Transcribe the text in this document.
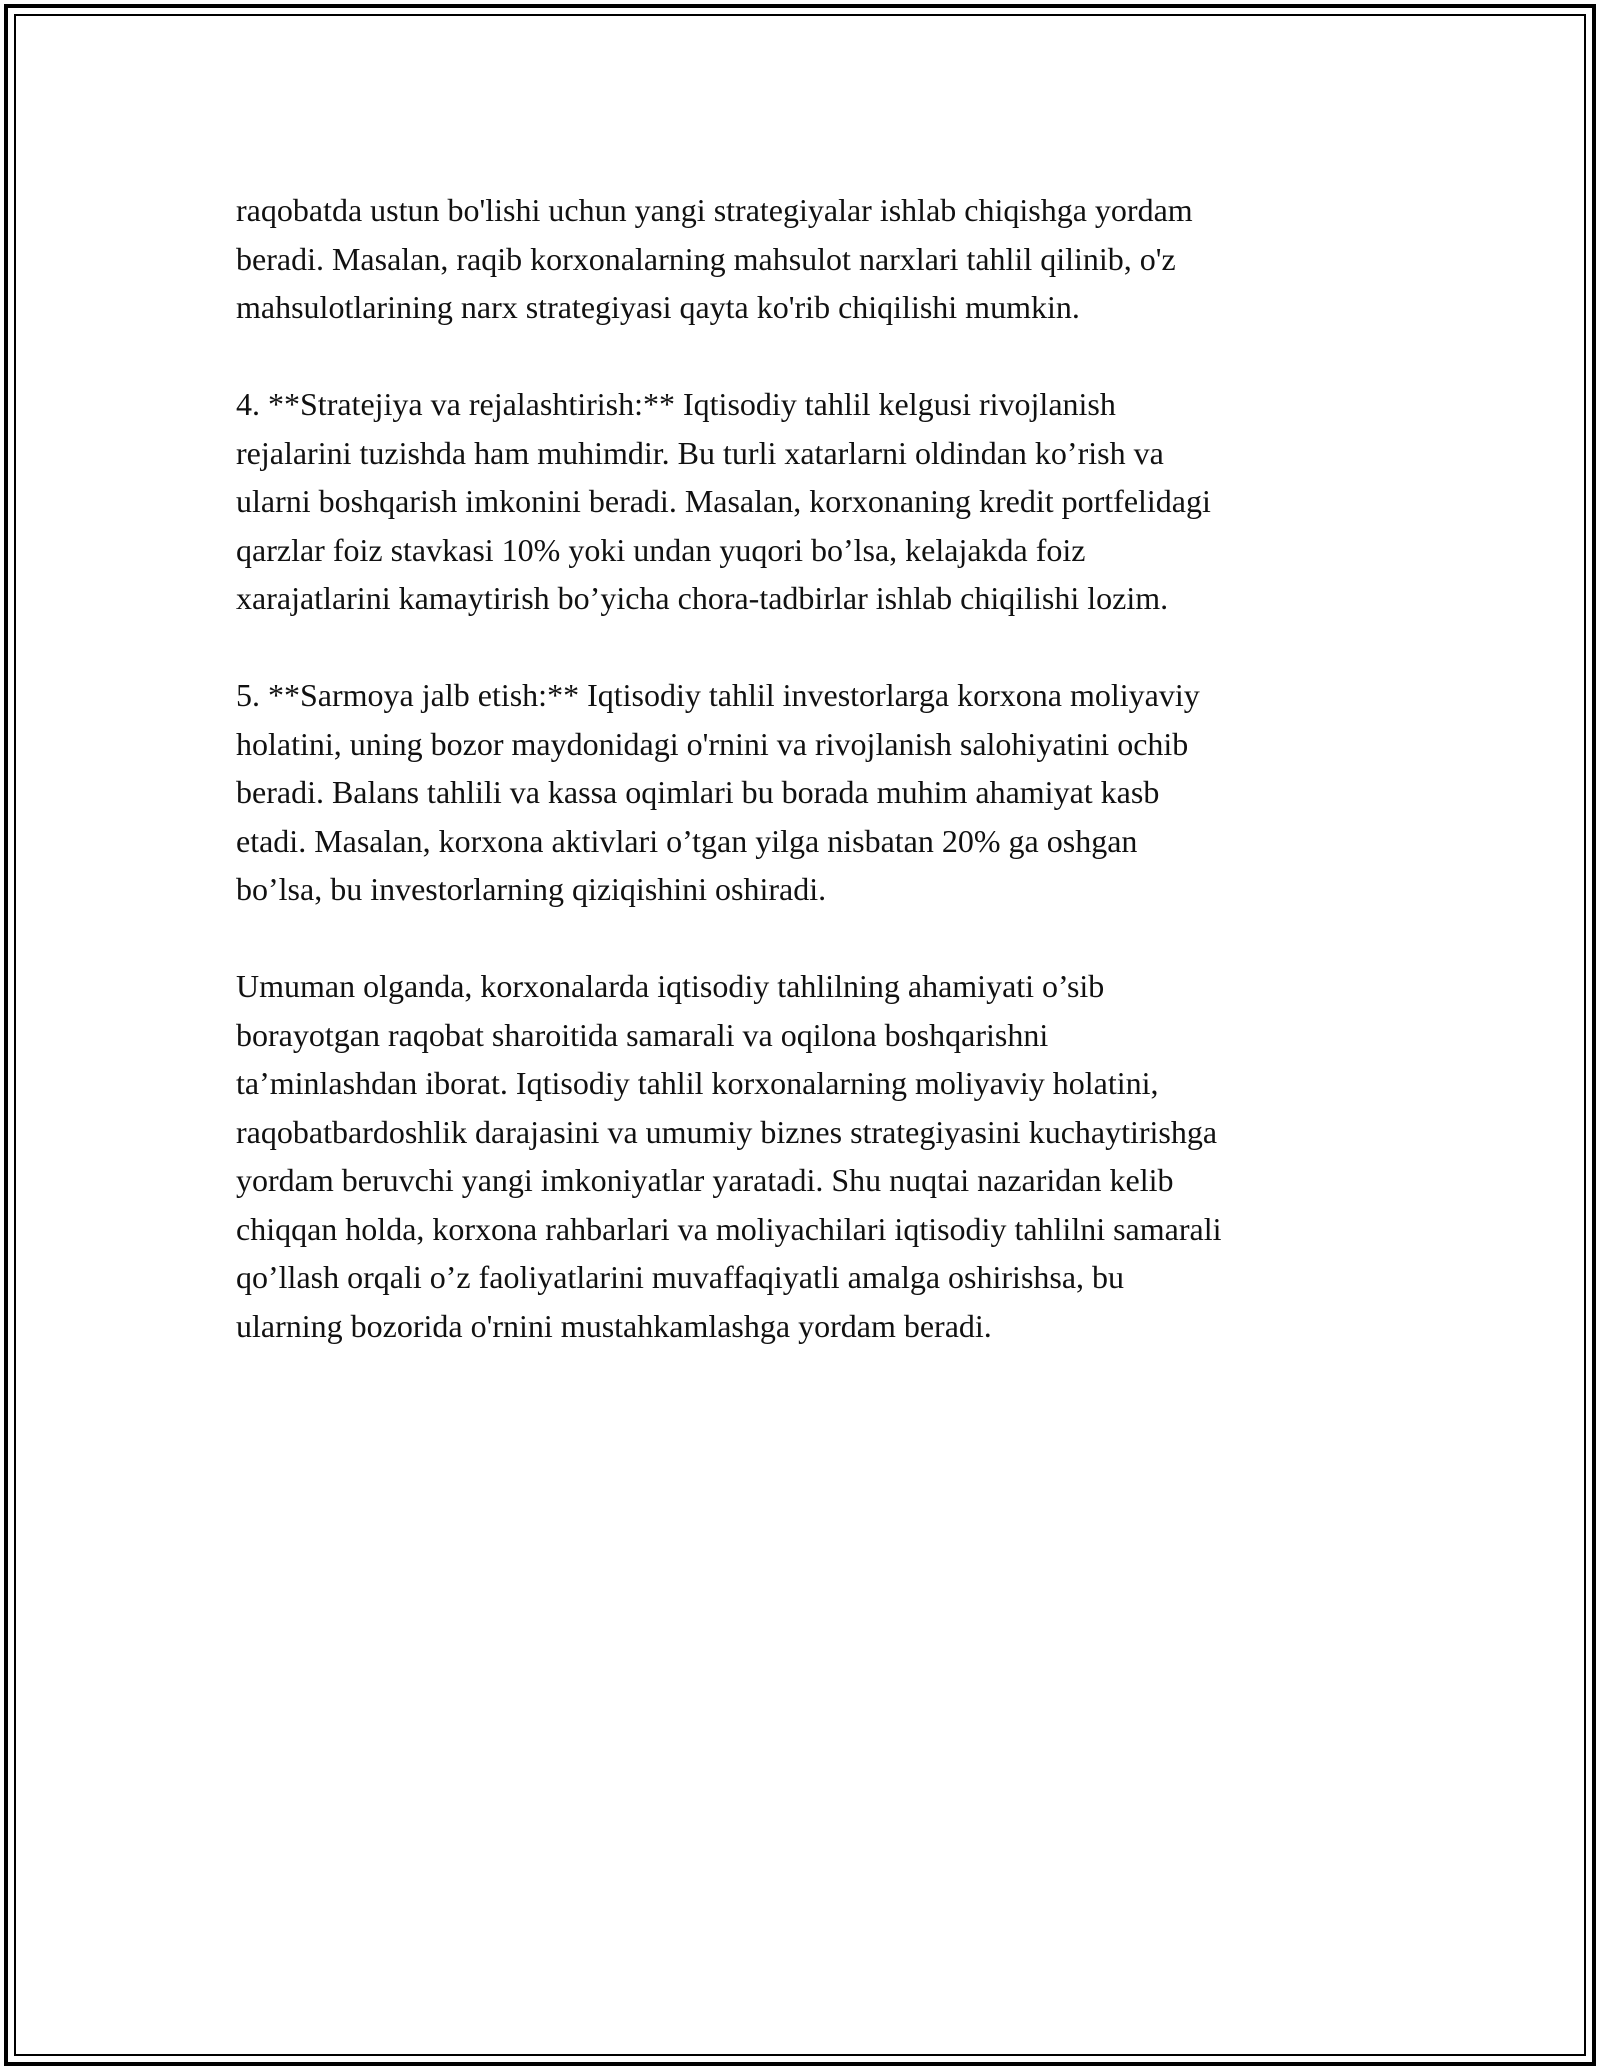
raqobatda ustun bo'lishi uchun yangi strategiyalar ishlab chiqishga yordam
beradi. Masalan, raqib korxonalarning mahsulot narxlari tahlil qilinib, o'z
mahsulotlarining narx strategiyasi qayta ko'rib chiqilishi mumkin.

4. **Stratejiya va rejalashtirish:** Iqtisodiy tahlil kelgusi rivojlanish
rejalarini tuzishda ham muhimdir. Bu turli xatarlarni oldindan ko’rish va
ularni boshqarish imkonini beradi. Masalan, korxonaning kredit portfelidagi
qarzlar foiz stavkasi 10% yoki undan yuqori bo’lsa, kelajakda foiz
xarajatlarini kamaytirish bo’yicha chora-tadbirlar ishlab chiqilishi lozim.

5. **Sarmoya jalb etish:** Iqtisodiy tahlil investorlarga korxona moliyaviy
holatini, uning bozor maydonidagi o'rnini va rivojlanish salohiyatini ochib
beradi. Balans tahlili va kassa oqimlari bu borada muhim ahamiyat kasb
etadi. Masalan, korxona aktivlari o’tgan yilga nisbatan 20% ga oshgan
bo’lsa, bu investorlarning qiziqishini oshiradi.

Umuman olganda, korxonalarda iqtisodiy tahlilning ahamiyati o’sib
borayotgan raqobat sharoitida samarali va oqilona boshqarishni
ta’minlashdan iborat. Iqtisodiy tahlil korxonalarning moliyaviy holatini,
raqobatbardoshlik darajasini va umumiy biznes strategiyasini kuchaytirishga
yordam beruvchi yangi imkoniyatlar yaratadi. Shu nuqtai nazaridan kelib
chiqqan holda, korxona rahbarlari va moliyachilari iqtisodiy tahlilni samarali
qo’llash orqali o’z faoliyatlarini muvaffaqiyatli amalga oshirishsa, bu
ularning bozorida o'rnini mustahkamlashga yordam beradi.
